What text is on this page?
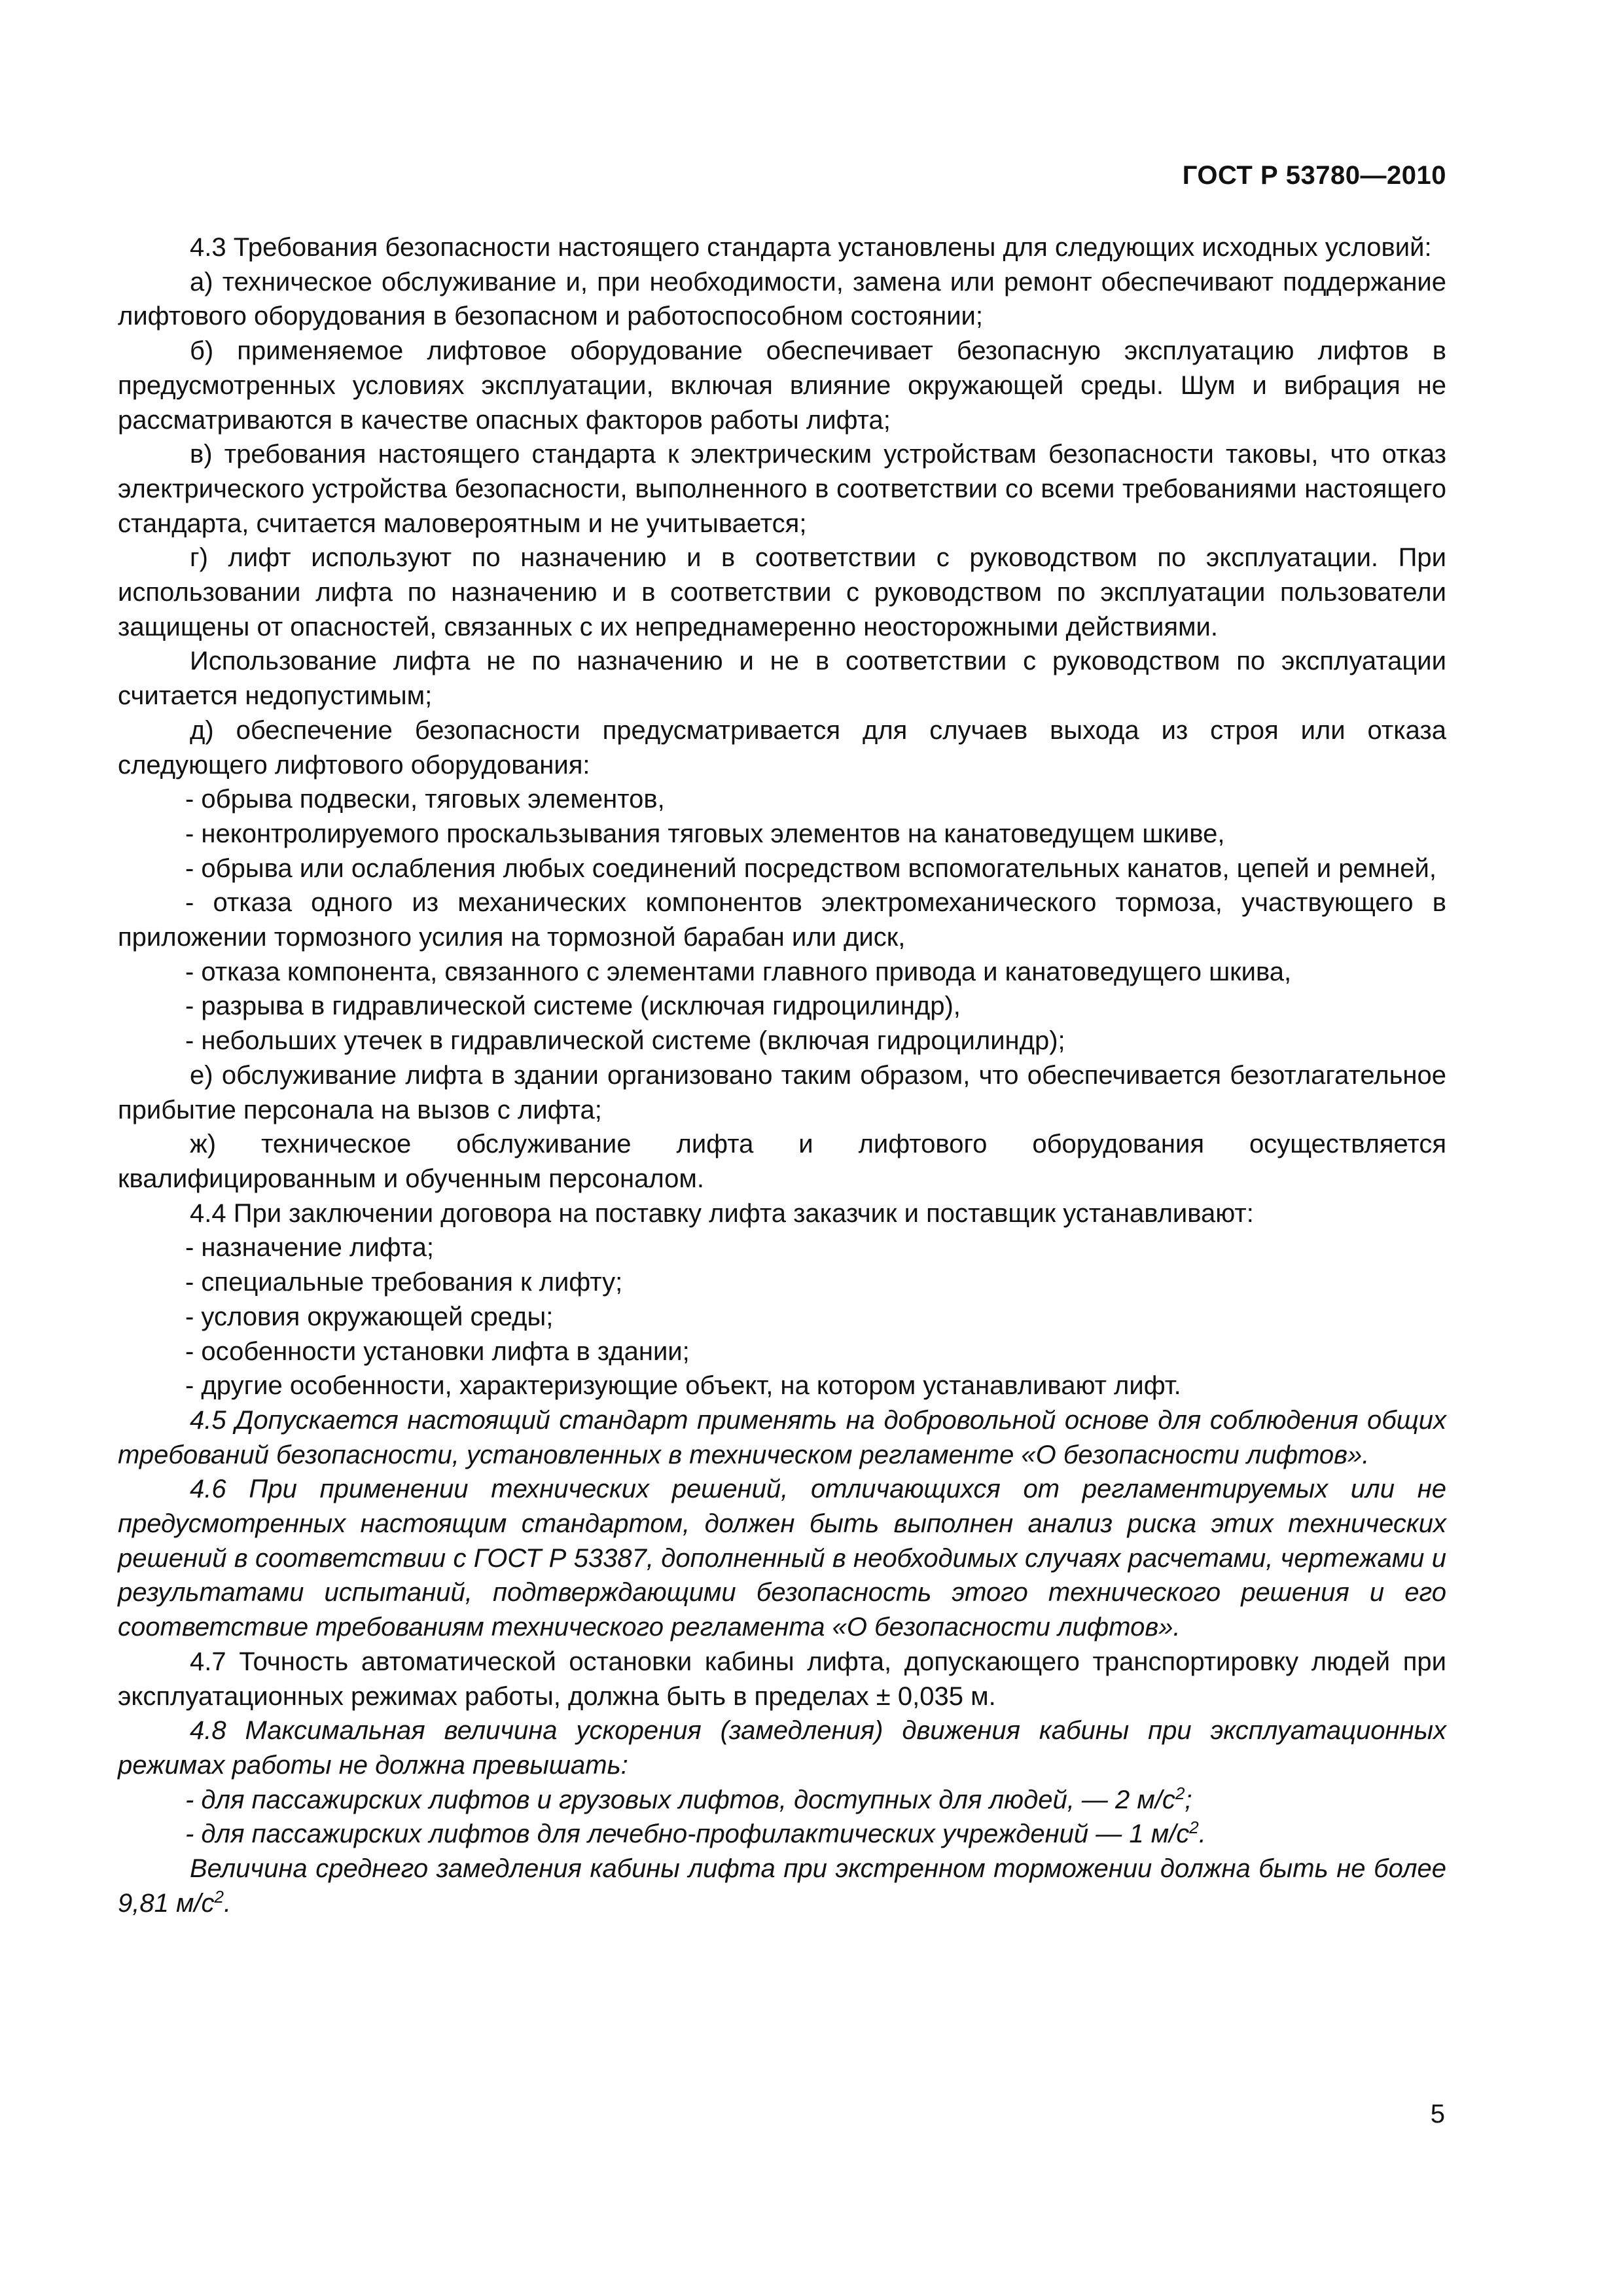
ГОСТ Р 53780—2010

4.3 Требования безопасности настоящего стандарта установлены для следующих исходных условий:

а) техническое обслуживание и, при необходимости, замена или ремонт обеспечивают поддержание лифтового оборудования в безопасном и работоспособном состоянии;

б) применяемое лифтовое оборудование обеспечивает безопасную эксплуатацию лифтов в предусмотренных условиях эксплуатации, включая влияние окружающей среды. Шум и вибрация не рассматриваются в качестве опасных факторов работы лифта;

в) требования настоящего стандарта к электрическим устройствам безопасности таковы, что отказ электрического устройства безопасности, выполненного в соответствии со всеми требованиями настоящего стандарта, считается маловероятным и не учитывается;

г) лифт используют по назначению и в соответствии с руководством по эксплуатации. При использовании лифта по назначению и в соответствии с руководством по эксплуатации пользователи защищены от опасностей, связанных с их непреднамеренно неосторожными действиями.

Использование лифта не по назначению и не в соответствии с руководством по эксплуатации считается недопустимым;

д) обеспечение безопасности предусматривается для случаев выхода из строя или отказа следующего лифтового оборудования:

- обрыва подвески, тяговых элементов,

- неконтролируемого проскальзывания тяговых элементов на канатоведущем шкиве,

- обрыва или ослабления любых соединений посредством вспомогательных канатов, цепей и ремней,

- отказа одного из механических компонентов электромеханического тормоза, участвующего в приложении тормозного усилия на тормозной барабан или диск,

- отказа компонента, связанного с элементами главного привода и канатоведущего шкива,

- разрыва в гидравлической системе (исключая гидроцилиндр),

- небольших утечек в гидравлической системе (включая гидроцилиндр);

е) обслуживание лифта в здании организовано таким образом, что обеспечивается безотлагательное прибытие персонала на вызов с лифта;

ж) техническое обслуживание лифта и лифтового оборудования осуществляется квалифицированным и обученным персоналом.

4.4 При заключении договора на поставку лифта заказчик и поставщик устанавливают:

- назначение лифта;

- специальные требования к лифту;

- условия окружающей среды;

- особенности установки лифта в здании;

- другие особенности, характеризующие объект, на котором устанавливают лифт.

4.5 Допускается настоящий стандарт применять на добровольной основе для соблюдения общих требований безопасности, установленных в техническом регламенте «О безопасности лифтов».

4.6 При применении технических решений, отличающихся от регламентируемых или не предусмотренных настоящим стандартом, должен быть выполнен анализ риска этих технических решений в соответствии с ГОСТ Р 53387, дополненный в необходимых случаях расчетами, чертежами и результатами испытаний, подтверждающими безопасность этого технического решения и его соответствие требованиям технического регламента «О безопасности лифтов».

4.7 Точность автоматической остановки кабины лифта, допускающего транспортировку людей при эксплуатационных режимах работы, должна быть в пределах ± 0,035 м.

4.8 Максимальная величина ускорения (замедления) движения кабины при эксплуатационных режимах работы не должна превышать:

- для пассажирских лифтов и грузовых лифтов, доступных для людей, — 2 $м/с^2$;

- для пассажирских лифтов для лечебно-профилактических учреждений — 1 $м/с^2$.

Величина среднего замедления кабины лифта при экстренном торможении должна быть не более 9,81 $м/с^2$.

5
